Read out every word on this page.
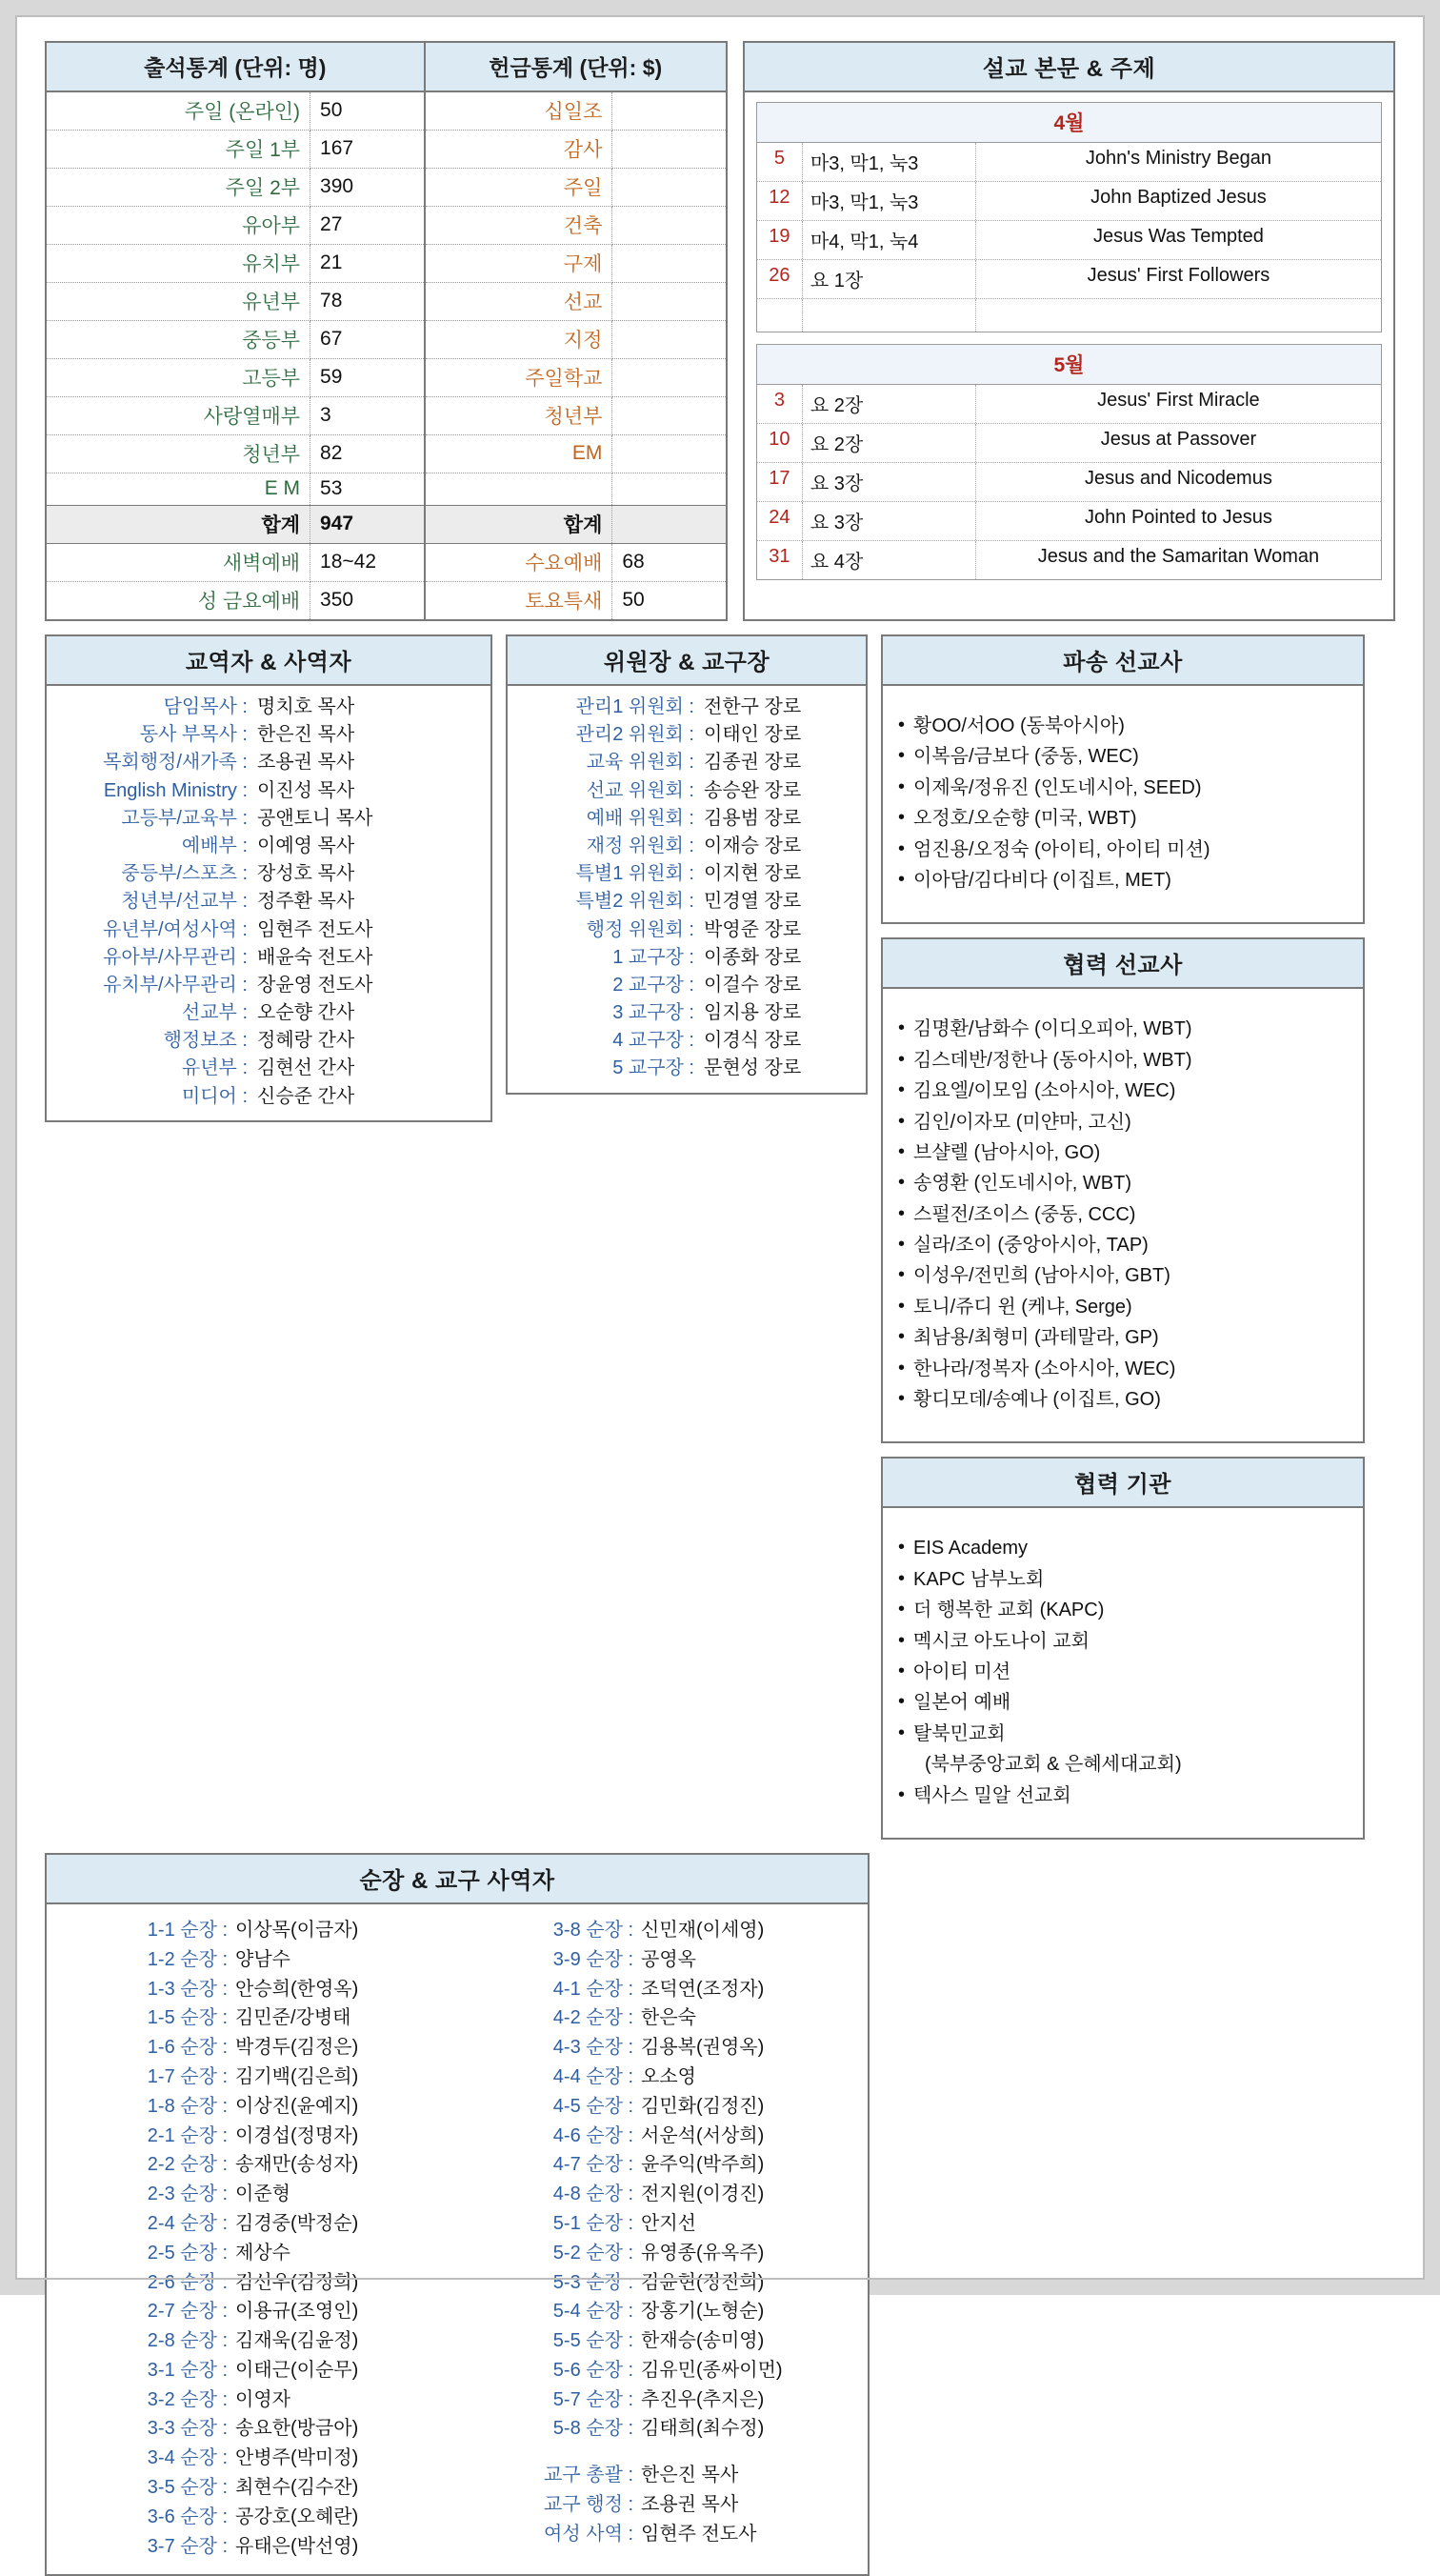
출석통계 (단위: 명)		헌금통계 (단위: $)	
주일 (온라인)	50	십일조	
주일 1부	167	감사	
주일 2부	390	주일	
유아부	27	건축	
유치부	21	구제	
유년부	78	선교	
중등부	67	지정	
고등부	59	주일학교	
사랑열매부	3	청년부	
청년부	82	EM	
E M	53		
합계	947	합계	
새벽예배	18~42	수요예배	68
성 금요예배	350	토요특새	50
설교 본문 & 주제
4월
5	마3, 막1, 눅3	John's Ministry Began
12	마3, 막1, 눅3	John Baptized Jesus
19	마4, 막1, 눅4	Jesus Was Tempted
26	요 1장	Jesus' First Followers
5월
3	요 2장	Jesus' First Miracle
10	요 2장	Jesus at Passover
17	요 3장	Jesus and Nicodemus
24	요 3장	John Pointed to Jesus
31	요 4장	Jesus and the Samaritan Woman
교역자 & 사역자
담임목사 : 명치호 목사
동사 부목사 : 한은진 목사
목회행정/새가족 : 조용권 목사
English Ministry : 이진성 목사
고등부/교육부 : 공앤토니 목사
예배부 : 이예영 목사
중등부/스포츠 : 장성호 목사
청년부/선교부 : 정주환 목사
유년부/여성사역 : 임현주 전도사
유아부/사무관리 : 배윤숙 전도사
유치부/사무관리 : 장윤영 전도사
선교부 : 오순향 간사
행정보조 : 정혜랑 간사
유년부 : 김현선 간사
미디어 : 신승준 간사
위원장 & 교구장
관리1 위원회 : 전한구 장로
관리2 위원회 : 이태인 장로
교육 위원회 : 김종권 장로
선교 위원회 : 송승완 장로
예배 위원회 : 김용범 장로
재정 위원회 : 이재승 장로
특별1 위원회 : 이지현 장로
특별2 위원회 : 민경열 장로
행정 위원회 : 박영준 장로
1 교구장 : 이종화 장로
2 교구장 : 이걸수 장로
3 교구장 : 임지용 장로
4 교구장 : 이경식 장로
5 교구장 : 문현성 장로
파송 선교사
• 황OO/서OO (동북아시아)
• 이복음/금보다 (중동, WEC)
• 이제욱/정유진 (인도네시아, SEED)
• 오정호/오순향 (미국, WBT)
• 엄진용/오정숙 (아이티, 아이티 미션)
• 이아담/김다비다 (이집트, MET)
협력 선교사
• 김명환/남화수 (이디오피아, WBT)
• 김스데반/정한나 (동아시아, WBT)
• 김요엘/이모임 (소아시아, WEC)
• 김인/이자모 (미얀마, 고신)
• 브샬렐 (남아시아, GO)
• 송영환 (인도네시아, WBT)
• 스펄전/조이스 (중동, CCC)
• 실라/조이 (중앙아시아, TAP)
• 이성우/전민희 (남아시아, GBT)
• 토니/쥬디 윈 (케냐, Serge)
• 최남용/최형미 (과테말라, GP)
• 한나라/정복자 (소아시아, WEC)
• 황디모데/송예나 (이집트, GO)
협력 기관
• EIS Academy
• KAPC 남부노회
• 더 행복한 교회 (KAPC)
• 멕시코 아도나이 교회
• 아이티 미션
• 일본어 예배
• 탈북민교회
(북부중앙교회 & 은혜세대교회)
• 텍사스 밀알 선교회
순장 & 교구 사역자
1-1 순장 : 이상목(이금자)
1-2 순장 : 양남수
1-3 순장 : 안승희(한영옥)
1-5 순장 : 김민준/강병태
1-6 순장 : 박경두(김정은)
1-7 순장 : 김기백(김은희)
1-8 순장 : 이상진(윤예지)
2-1 순장 : 이경섭(정명자)
2-2 순장 : 송재만(송성자)
2-3 순장 : 이준형
2-4 순장 : 김경중(박정순)
2-5 순장 : 제상수
2-6 순장 : 김선우(김정희)
2-7 순장 : 이용규(조영인)
2-8 순장 : 김재욱(김윤정)
3-1 순장 : 이태근(이순무)
3-2 순장 : 이영자
3-3 순장 : 송요한(방금아)
3-4 순장 : 안병주(박미정)
3-5 순장 : 최현수(김수잔)
3-6 순장 : 공강호(오혜란)
3-7 순장 : 유태은(박선영)
3-8 순장 : 신민재(이세영)
3-9 순장 : 공영옥
4-1 순장 : 조덕연(조정자)
4-2 순장 : 한은숙
4-3 순장 : 김용복(권영옥)
4-4 순장 : 오소영
4-5 순장 : 김민화(김정진)
4-6 순장 : 서운석(서상희)
4-7 순장 : 윤주익(박주희)
4-8 순장 : 전지원(이경진)
5-1 순장 : 안지선
5-2 순장 : 유영종(유옥주)
5-3 순장 : 김윤현(정진희)
5-4 순장 : 장홍기(노형순)
5-5 순장 : 한재승(송미영)
5-6 순장 : 김유민(종싸이먼)
5-7 순장 : 추진우(추지은)
5-8 순장 : 김태희(최수정)
교구 총괄 : 한은진 목사
교구 행정 : 조용권 목사
여성 사역 : 임현주 전도사
